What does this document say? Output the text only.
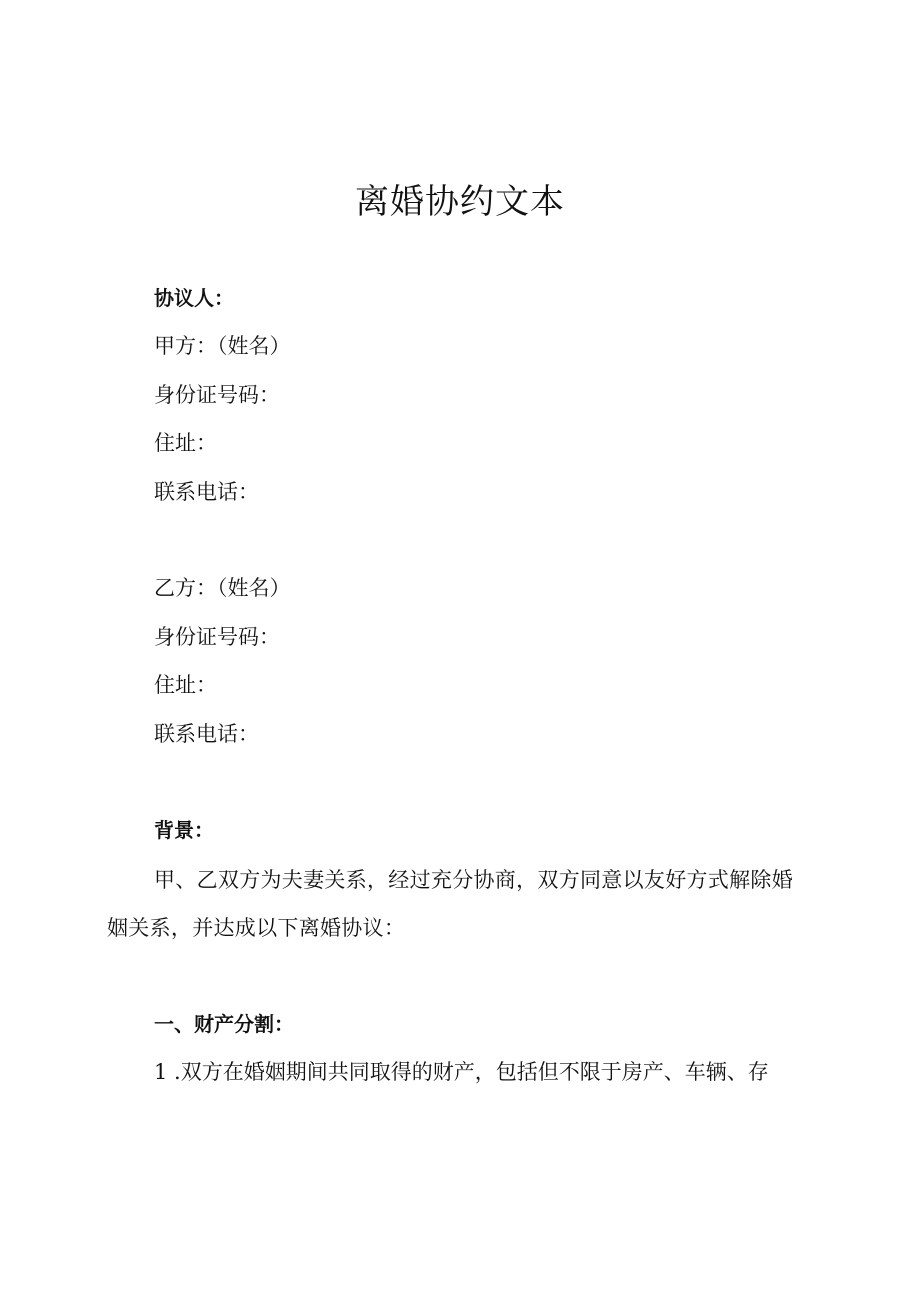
离婚协约文本
协议人：
甲方：（姓名）
身份证号码：
住址：
联系电话：
乙方：（姓名）
身份证号码：
住址：
联系电话：
背景：
甲、乙双方为夫妻关系，经过充分协商，双方同意以友好方式解除婚姻关系，并达成以下离婚协议：
一、财产分割：
1 .双方在婚姻期间共同取得的财产，包括但不限于房产、车辆、存
